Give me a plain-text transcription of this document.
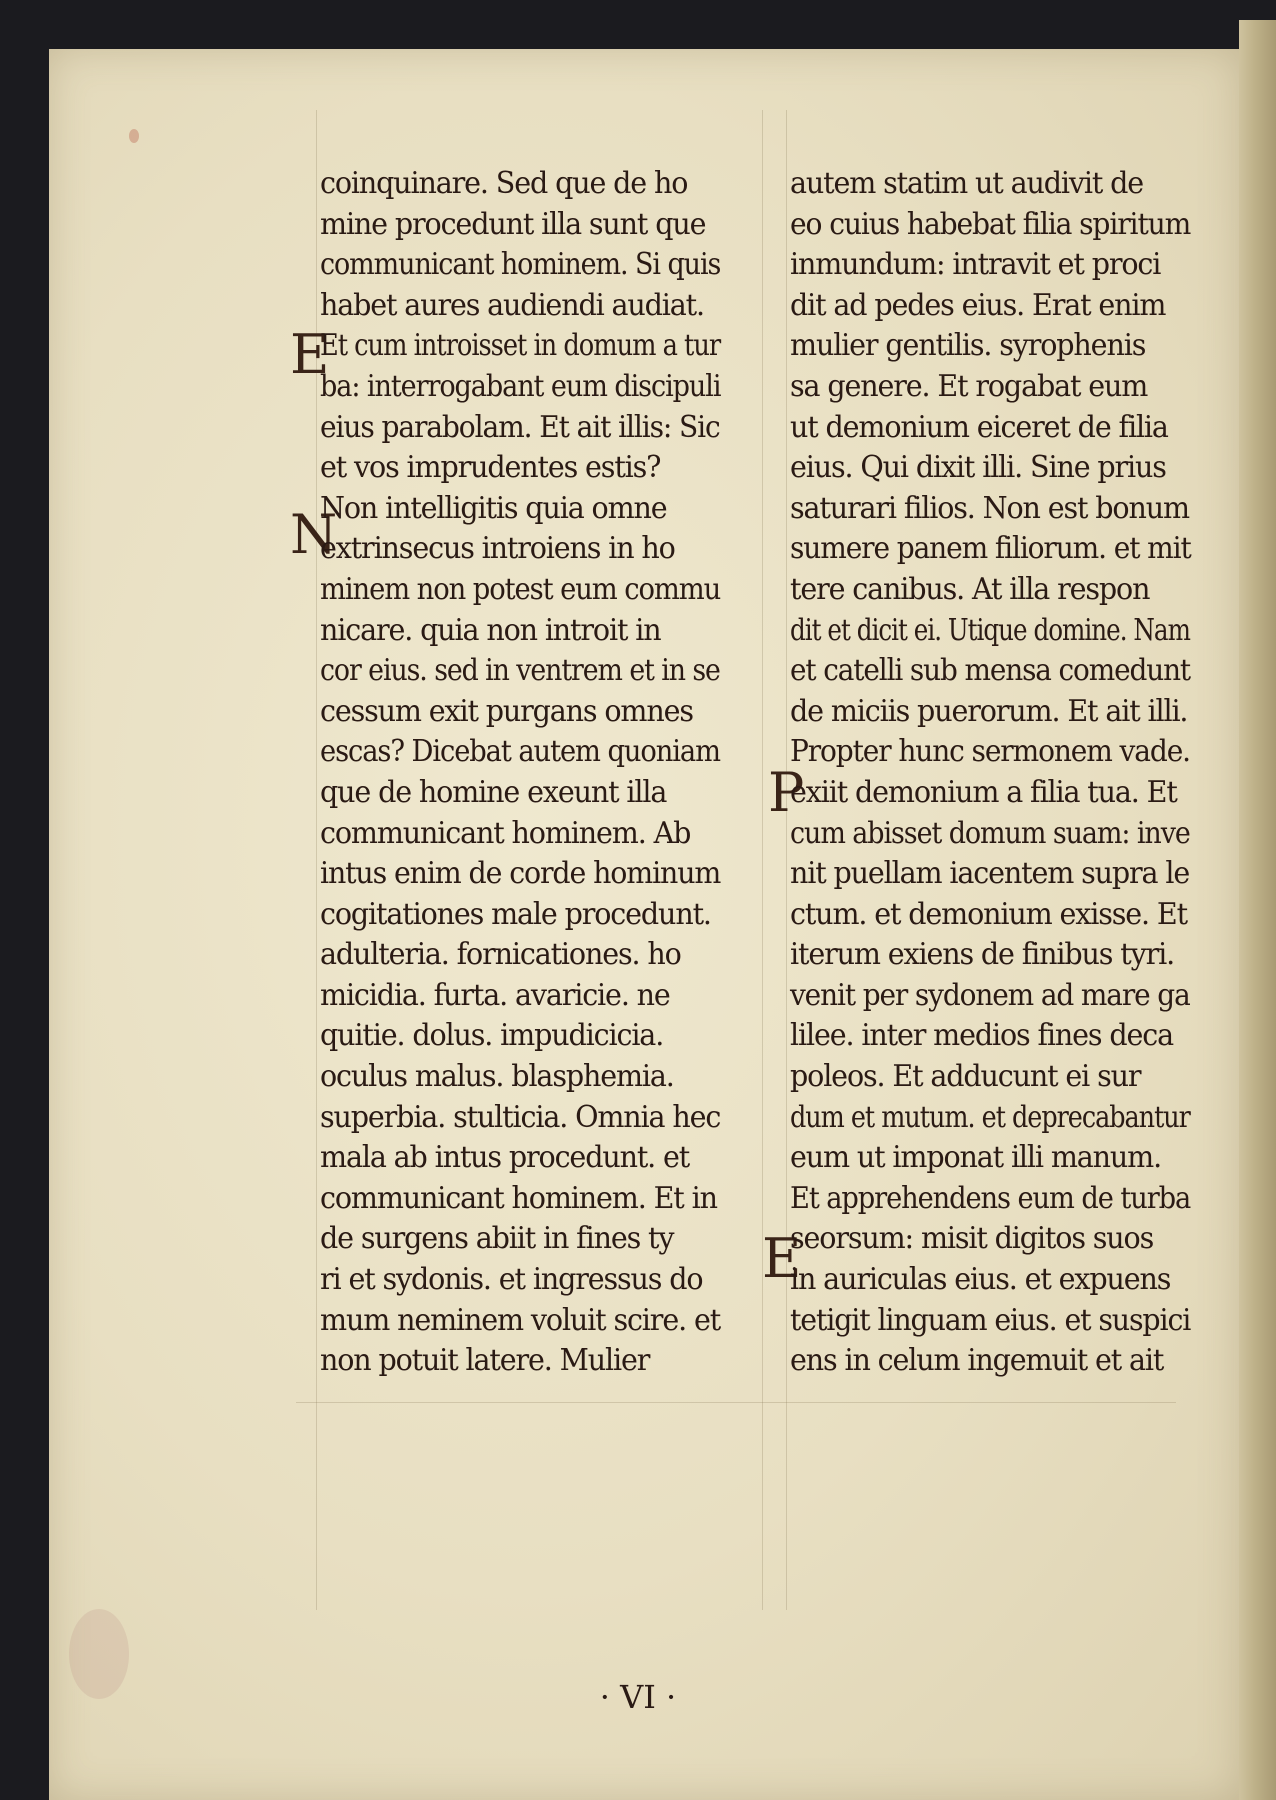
E
N
P
E
coinquinare. Sed que de ho
mine procedunt illa sunt que
communicant hominem. Si quis
habet aures audiendi audiat.
Et cum introisset in domum a tur
ba: interrogabant eum discipuli
eius parabolam. Et ait illis: Sic
et vos imprudentes estis?
Non intelligitis quia omne
extrinsecus introiens in ho
minem non potest eum commu
nicare. quia non introit in
cor eius. sed in ventrem et in se
cessum exit purgans omnes
escas? Dicebat autem quoniam
que de homine exeunt illa
communicant hominem. Ab
intus enim de corde hominum
cogitationes male procedunt.
adulteria. fornicationes. ho
micidia. furta. avaricie. ne
quitie. dolus. impudicicia.
oculus malus. blasphemia.
superbia. stulticia. Omnia hec
mala ab intus procedunt. et
communicant hominem. Et in
de surgens abiit in fines ty
ri et sydonis. et ingressus do
mum neminem voluit scire. et
non potuit latere. Mulier
autem statim ut audivit de
eo cuius habebat filia spiritum
inmundum: intravit et proci
dit ad pedes eius. Erat enim
mulier gentilis. syrophenis
sa genere. Et rogabat eum
ut demonium eiceret de filia
eius. Qui dixit illi. Sine prius
saturari filios. Non est bonum
sumere panem filiorum. et mit
tere canibus. At illa respon
dit et dicit ei. Utique domine. Nam
et catelli sub mensa comedunt
de miciis puerorum. Et ait illi.
Propter hunc sermonem vade.
exiit demonium a filia tua. Et
cum abisset domum suam: inve
nit puellam iacentem supra le
ctum. et demonium exisse. Et
iterum exiens de finibus tyri.
venit per sydonem ad mare ga
lilee. inter medios fines deca
poleos. Et adducunt ei sur
dum et mutum. et deprecabantur
eum ut imponat illi manum.
Et apprehendens eum de turba
seorsum: misit digitos suos
in auriculas eius. et expuens
tetigit linguam eius. et suspici
ens in celum ingemuit et ait
· VI ·
